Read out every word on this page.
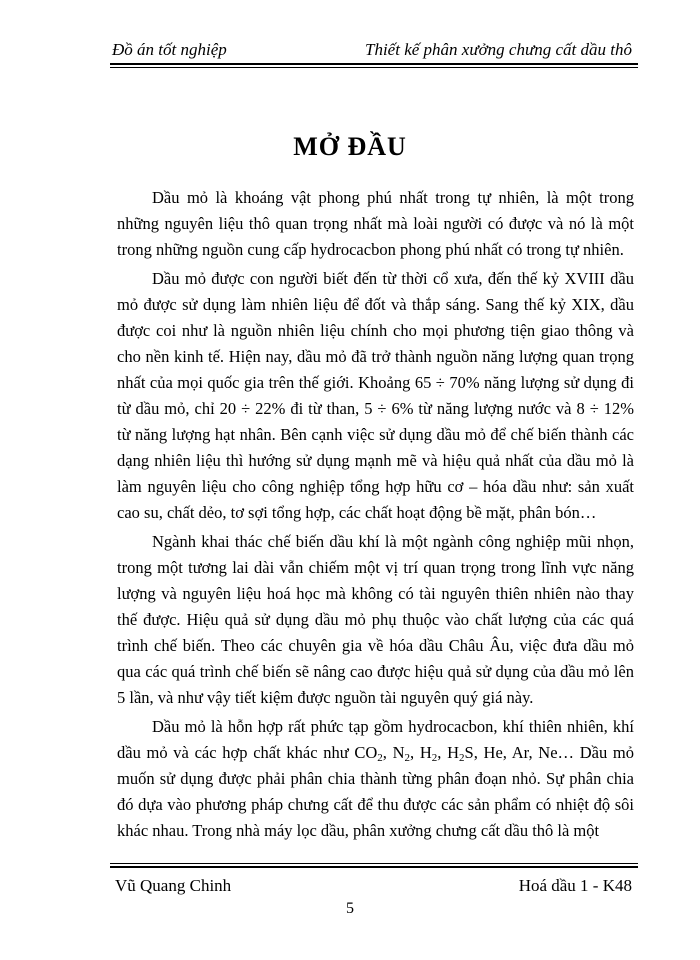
Đồ án tốt nghiệp	Thiết kế phân xưởng chưng cất dầu thô
MỞ ĐẦU

Dầu mỏ là khoáng vật phong phú nhất trong tự nhiên, là một trong những nguyên liệu thô quan trọng nhất mà loài người có được và nó là một trong những nguồn cung cấp hydrocacbon phong phú nhất có trong tự nhiên.

Dầu mỏ được con người biết đến từ thời cổ xưa, đến thế kỷ XVIII dầu mỏ được sử dụng làm nhiên liệu để đốt và thắp sáng. Sang thế kỷ XIX, dầu được coi như là nguồn nhiên liệu chính cho mọi phương tiện giao thông và cho nền kinh tế. Hiện nay, dầu mỏ đã trở thành nguồn năng lượng quan trọng nhất của mọi quốc gia trên thế giới. Khoảng 65 ÷ 70% năng lượng sử dụng đi từ dầu mỏ, chỉ 20 ÷ 22% đi từ than, 5 ÷ 6% từ năng lượng nước và 8 ÷ 12% từ năng lượng hạt nhân. Bên cạnh việc sử dụng dầu mỏ để chế biến thành các dạng nhiên liệu thì hướng sử dụng mạnh mẽ và hiệu quả nhất của dầu mỏ là làm nguyên liệu cho công nghiệp tổng hợp hữu cơ – hóa dầu như: sản xuất cao su, chất dẻo, tơ sợi tổng hợp, các chất hoạt động bề mặt, phân bón…

Ngành khai thác chế biến dầu khí là một ngành công nghiệp mũi nhọn, trong một tương lai dài vẫn chiếm một vị trí quan trọng trong lĩnh vực năng lượng và nguyên liệu hoá học mà không có tài nguyên thiên nhiên nào thay thế được. Hiệu quả sử dụng dầu mỏ phụ thuộc vào chất lượng của các quá trình chế biến. Theo các chuyên gia về hóa dầu Châu Âu, việc đưa dầu mỏ qua các quá trình chế biến sẽ nâng cao được hiệu quả sử dụng của dầu mỏ lên 5 lần, và như vậy tiết kiệm được nguồn tài nguyên quý giá này.

Dầu mỏ là hỗn hợp rất phức tạp gồm hydrocacbon, khí thiên nhiên, khí dầu mỏ và các hợp chất khác như $CO_2$, $N_2$, $H_2$, $H_2S$, He, Ar, Ne… Dầu mỏ muốn sử dụng được phải phân chia thành từng phân đoạn nhỏ. Sự phân chia đó dựa vào phương pháp chưng cất để thu được các sản phẩm có nhiệt độ sôi khác nhau. Trong nhà máy lọc dầu, phân xưởng chưng cất dầu thô là một

Vũ Quang Chinh	Hoá dầu 1 - K48
5
